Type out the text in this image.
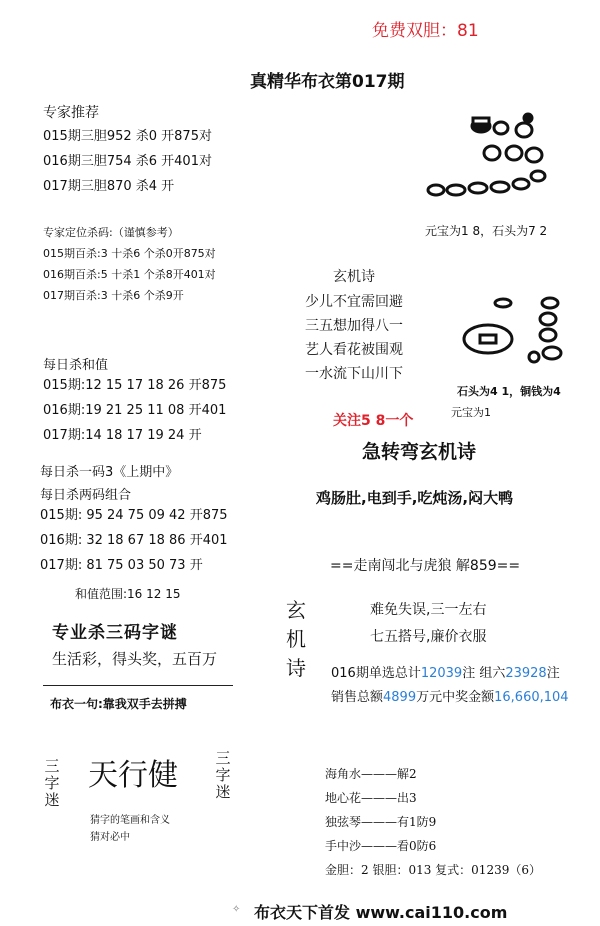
免费双胆：81
真精华布衣第017期
专家推荐
015期三胆952 杀0 开875对
016期三胆754 杀6 开401对
017期三胆870 杀4 开
专家定位杀码:（谨慎参考）
015期百杀:3 十杀6 个杀0开875对
016期百杀:5 十杀1 个杀8开401对
017期百杀:3 十杀6 个杀9开
每日杀和值
015期:12 15 17 18 26 开875
016期:19 21 25 11 08 开401
017期:14 18 17 19 24 开
每日杀一码3《上期中》
每日杀两码组合
015期: 95 24 75 09 42 开875
016期: 32 18 67 18 86 开401
017期: 81 75 03 50 73 开
和值范围:16 12 15
专业杀三码字谜
生活彩，得头奖，五百万
布衣一句:靠我双手去拼搏
三字迷
天行健 三字迷
猜字的笔画和含义
猜对必中
元宝为1 8，石头为7 2
玄机诗
少儿不宜需回避
三五想加得八一
艺人看花被围观
一水流下山川下
石头为4 1，铜钱为4
元宝为1
关注5 8一个
急转弯玄机诗
鸡肠肚,电到手,吃炖汤,闷大鸭
==走南闯北与虎狼 解859==
玄机诗
难免失误,三一左右
七五搭号,廉价衣服
016期单选总计12039注 组六23928注
销售总额4899万元中奖金额16,660,104
海角水———解2
地心花———出3
独弦琴———有1防9
手中沙———看0防6
金胆：2 银胆：013 复式：01239（6）
✧ 布衣天下首发 www.cai110.com
